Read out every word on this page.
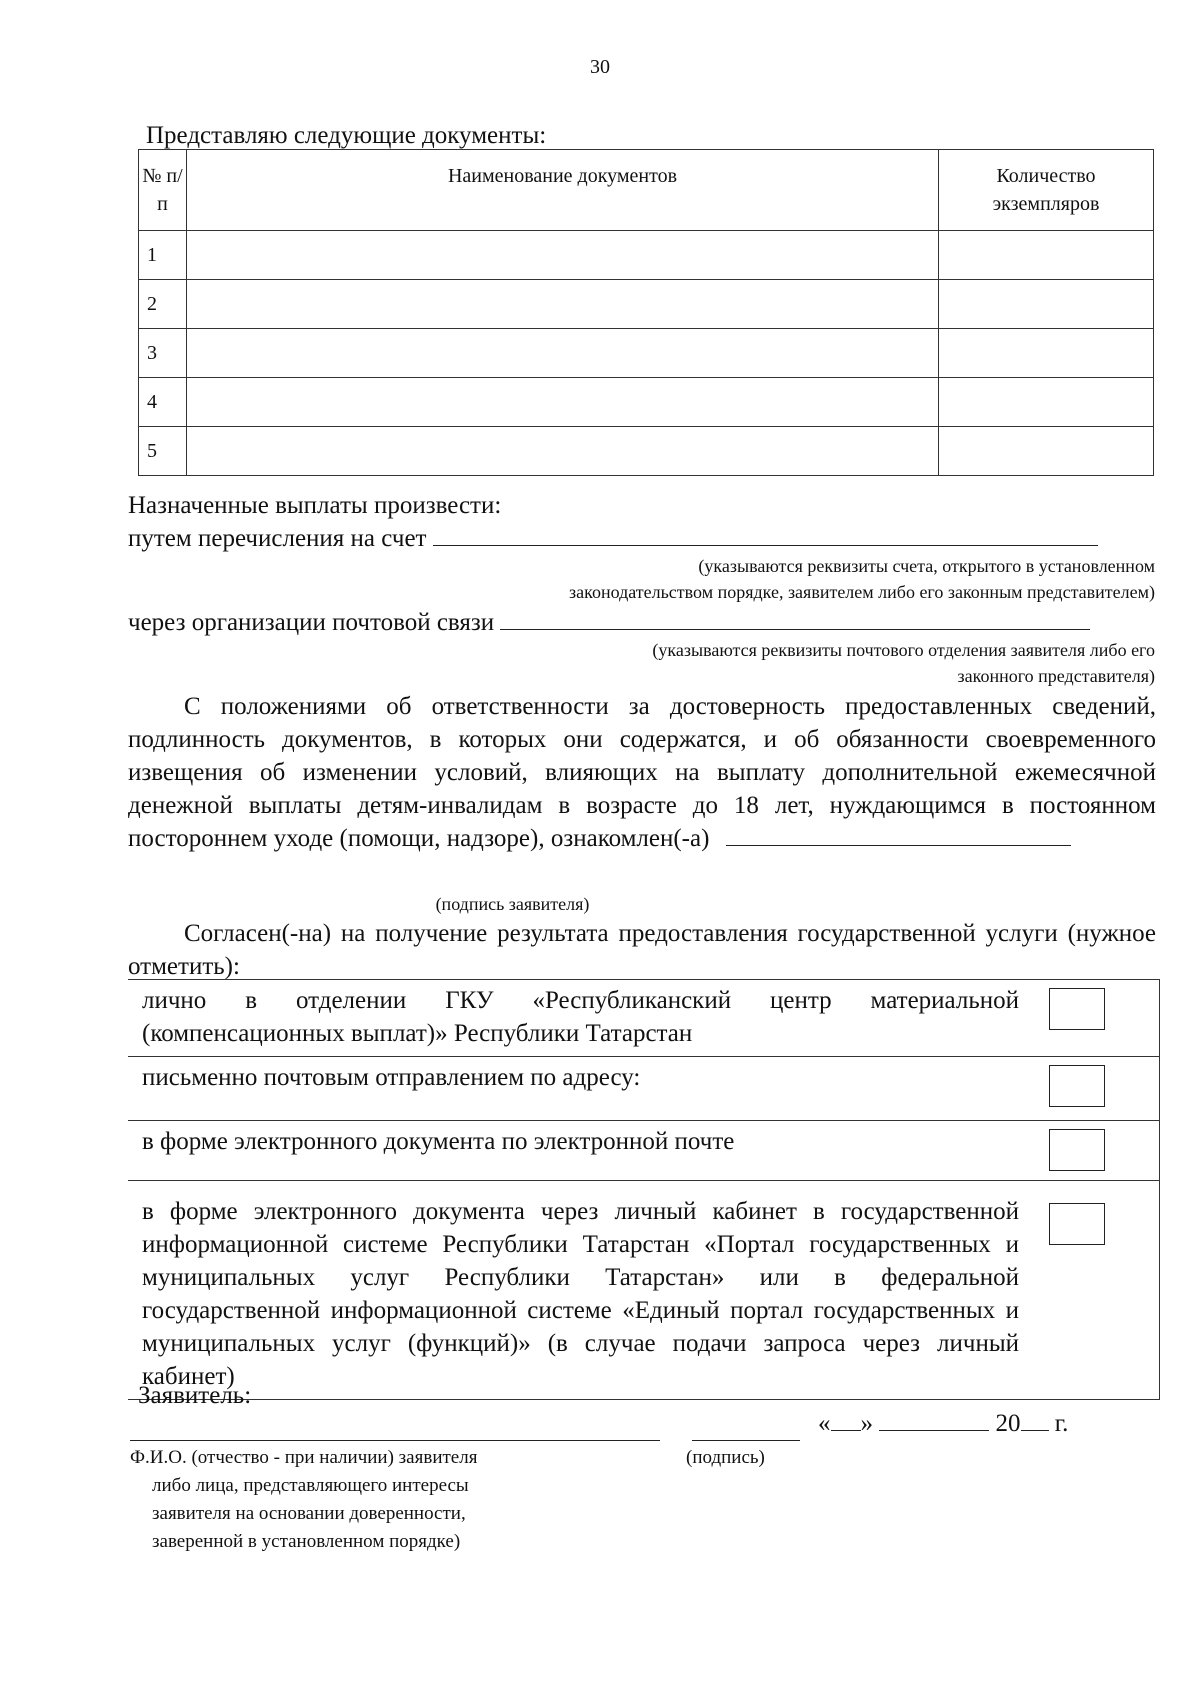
30
Представляю следующие документы:
№ п/п	Наименование документов	Количество экземпляров
1		
2		
3		
4		
5		
Назначенные выплаты произвести:
путем перечисления на счет
(указываются реквизиты счета, открытого в установленном
законодательством порядке, заявителем либо его законным представителем)
через организации почтовой связи
(указываются реквизиты почтового отделения заявителя либо его
законного представителя)
С положениями об ответственности за достоверность предоставленных сведений, подлинность документов, в которых они содержатся, и об обязанности своевременного извещения об изменении условий, влияющих на выплату дополнительной ежемесячной денежной выплаты детям-инвалидам в возрасте до 18 лет, нуждающимся в постоянном постороннем уходе (помощи, надзоре), ознакомлен(-а)
(подпись заявителя)
Согласен(-на) на получение результата предоставления государственной услуги (нужное отметить):
лично в отделении ГКУ «Республиканский центр материальной (компенсационных выплат)» Республики Татарстан	

письменно почтовым отправлением по адресу:	

в форме электронного документа по электронной почте	

в форме электронного документа через личный кабинет в государственной информационной системе Республики Татарстан «Портал государственных и муниципальных услуг Республики Татарстан» или в федеральной государственной информационной системе «Единый портал государственных и муниципальных услуг (функций)» (в случае подачи запроса через личный кабинет)	
Заявитель:
« »	20 г.
Ф.И.О. (отчество - при наличии) заявителя
либо лица, представляющего интересы
заявителя на основании доверенности,
заверенной в установленном порядке)
(подпись)
